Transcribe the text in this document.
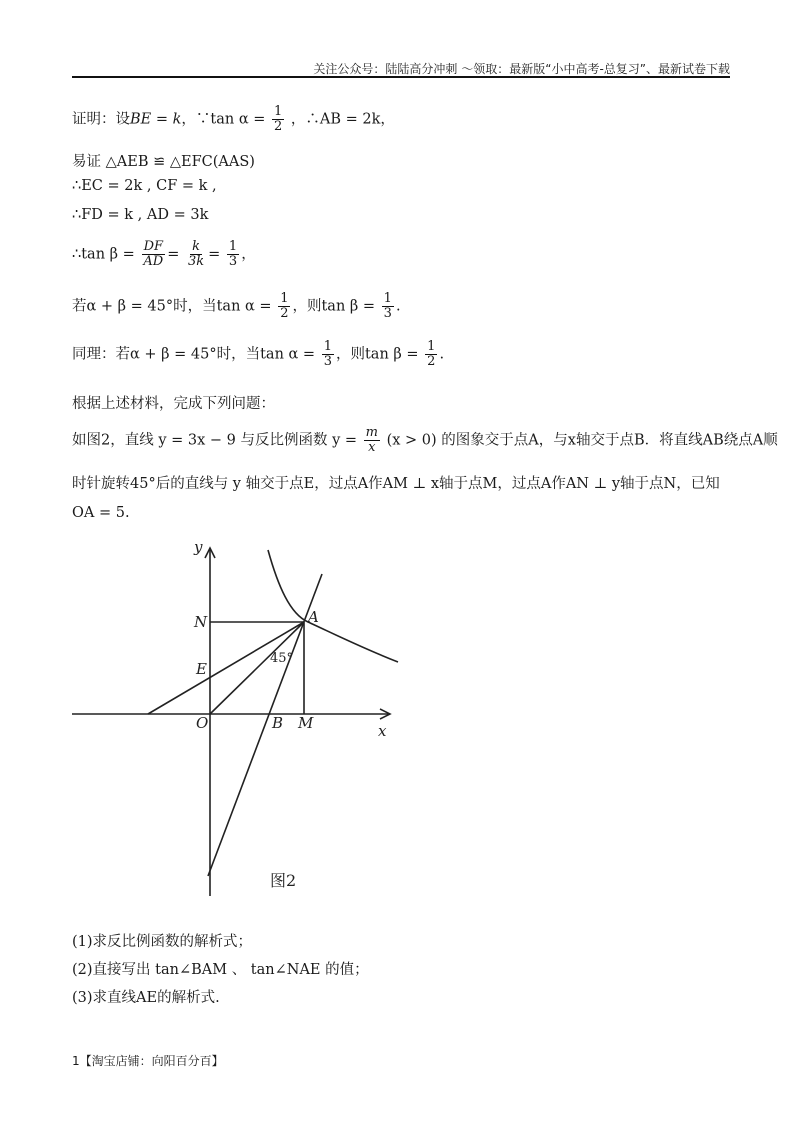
关注公众号：陆陆高分冲刺 〜领取：最新版“小中高考-总复习”、最新试卷下载
证明：设BE = k，∵tan $\alpha = \frac{1}{2}$ ，∴AB = 2k，
易证 △AEB ≌ △EFC(AAS)
∴EC = 2k , CF = k ,
∴FD = k , AD = 3k
∴tan $\beta = \frac{DF}{AD} = \frac{k}{3k} = \frac{1}{3}$ ，
若α + β = 45°时，当$\tan \alpha = \frac{1}{2}$ ，则$\tan \beta = \frac{1}{3}$ .
同理：若α + β = 45°时，当$\tan \alpha = \frac{1}{3}$ ，则$\tan \beta = \frac{1}{2}$ .
根据上述材料，完成下列问题：
如图2，直线 y = 3x − 9 与反比例函数 $y = \frac{m}{x} (x > 0)$ 的图象交于点A，与x轴交于点B．将直线AB绕点A顺
时针旋转45°后的直线与 y 轴交于点E，过点A作AM ⊥ x轴于点M，过点A作AN ⊥ y轴于点N，已知
OA = 5.
y
x
N	A
E
O	B M
45°
图2
(1)求反比例函数的解析式；
(2)直接写出 tan∠BAM 、 tan∠NAE 的值；
(3)求直线AE的解析式.
1【淘宝店铺：向阳百分百】
